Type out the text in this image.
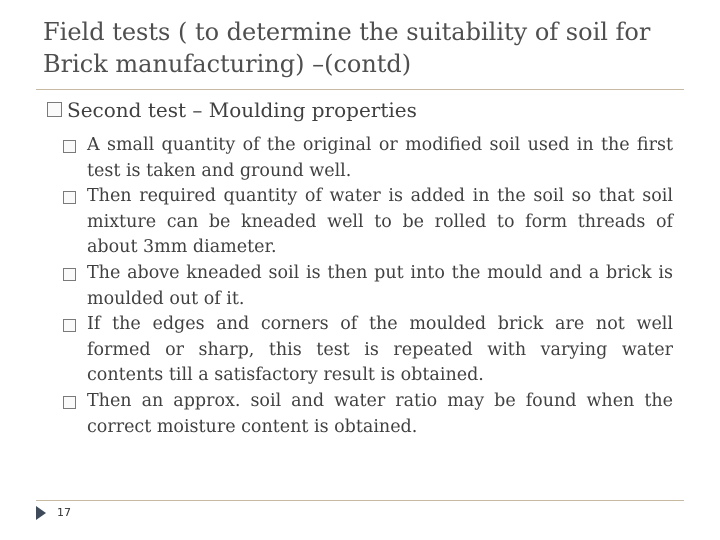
Field tests ( to determine the suitability of soil for Brick manufacturing) –(contd)
Second test – Moulding properties
A small quantity of the original or modified soil used in the first test is taken and ground well.
Then required quantity of water is added in the soil so that soil mixture can be kneaded well to be rolled to form threads of about 3mm diameter.
The above kneaded soil is then put into the mould and a brick is moulded out of it.
If the edges and corners of the moulded brick are not well formed or sharp, this test is repeated with varying water contents till a satisfactory result is obtained.
Then an approx. soil and water ratio may be found when the correct moisture content is obtained.
17
